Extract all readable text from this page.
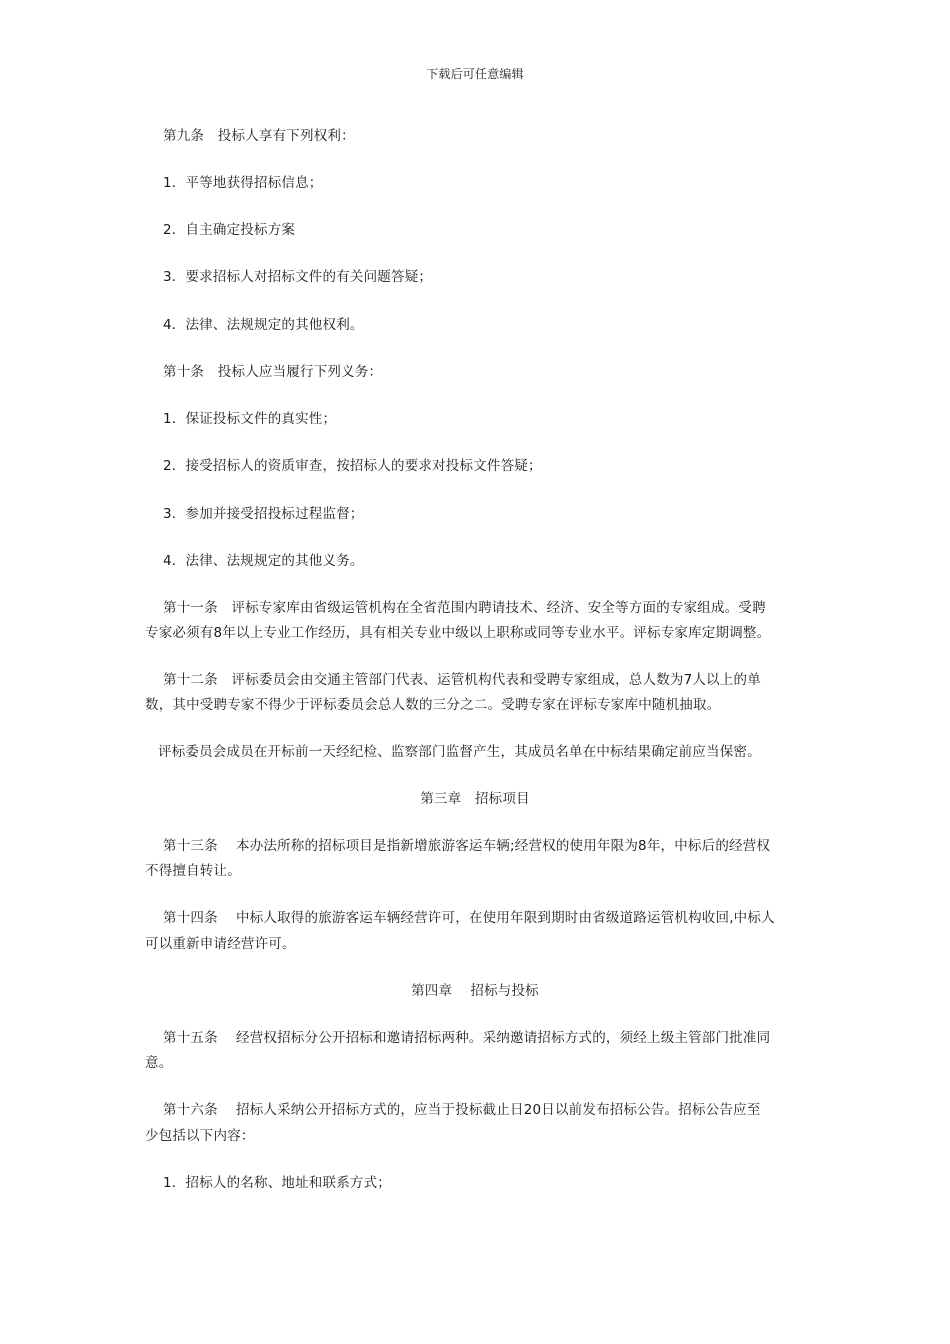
下载后可任意编辑
第九条　投标人享有下列权利：
1．平等地获得招标信息；
2．自主确定投标方案
3．要求招标人对招标文件的有关问题答疑；
4．法律、法规规定的其他权利。
第十条　投标人应当履行下列义务：
1．保证投标文件的真实性；
2．接受招标人的资质审查，按招标人的要求对投标文件答疑；
3．参加并接受招投标过程监督；
4．法律、法规规定的其他义务。
第十一条　评标专家库由省级运管机构在全省范围内聘请技术、经济、安全等方面的专家组成。受聘
专家必须有8年以上专业工作经历，具有相关专业中级以上职称或同等专业水平。评标专家库定期调整。
第十二条　评标委员会由交通主管部门代表、运管机构代表和受聘专家组成，总人数为7人以上的单
数，其中受聘专家不得少于评标委员会总人数的三分之二。受聘专家在评标专家库中随机抽取。
评标委员会成员在开标前一天经纪检、监察部门监督产生，其成员名单在中标结果确定前应当保密。
第三章　招标项目
第十三条　 本办法所称的招标项目是指新增旅游客运车辆;经营权的使用年限为8年，中标后的经营权
不得擅自转让。
第十四条　 中标人取得的旅游客运车辆经营许可，在使用年限到期时由省级道路运管机构收回,中标人
可以重新申请经营许可。
第四章　 招标与投标
第十五条　 经营权招标分公开招标和邀请招标两种。采纳邀请招标方式的，须经上级主管部门批准同
意。
第十六条　 招标人采纳公开招标方式的，应当于投标截止日20日以前发布招标公告。招标公告应至
少包括以下内容：
1．招标人的名称、地址和联系方式；
